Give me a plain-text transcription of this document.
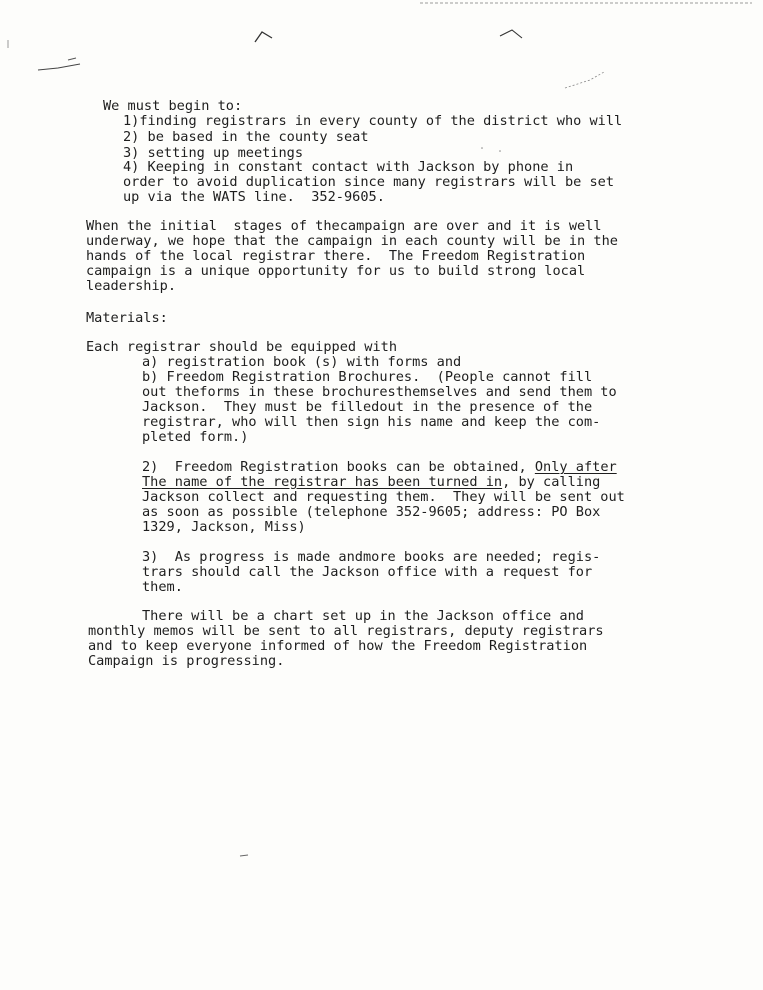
We must begin to:
1)finding registrars in every county of the district who will
2) be based in the county seat
3) setting up meetings
4) Keeping in constant contact with Jackson by phone in
order to avoid duplication since many registrars will be set
up via the WATS line.  352-9605.
When the initial  stages of thecampaign are over and it is well
underway, we hope that the campaign in each county will be in the
hands of the local registrar there.  The Freedom Registration
campaign is a unique opportunity for us to build strong local
leadership.
Materials:
Each registrar should be equipped with
a) registration book (s) with forms and
b) Freedom Registration Brochures.  (People cannot fill
out theforms in these brochuresthemselves and send them to
Jackson.  They must be filledout in the presence of the
registrar, who will then sign his name and keep the com-
pleted form.)
2)  Freedom Registration books can be obtained, Only after
The name of the registrar has been turned in, by calling
Jackson collect and requesting them.  They will be sent out
as soon as possible (telephone 352-9605; address: PO Box
1329, Jackson, Miss)
3)  As progress is made andmore books are needed; regis-
trars should call the Jackson office with a request for
them.
There will be a chart set up in the Jackson office and
monthly memos will be sent to all registrars, deputy registrars
and to keep everyone informed of how the Freedom Registration
Campaign is progressing.
